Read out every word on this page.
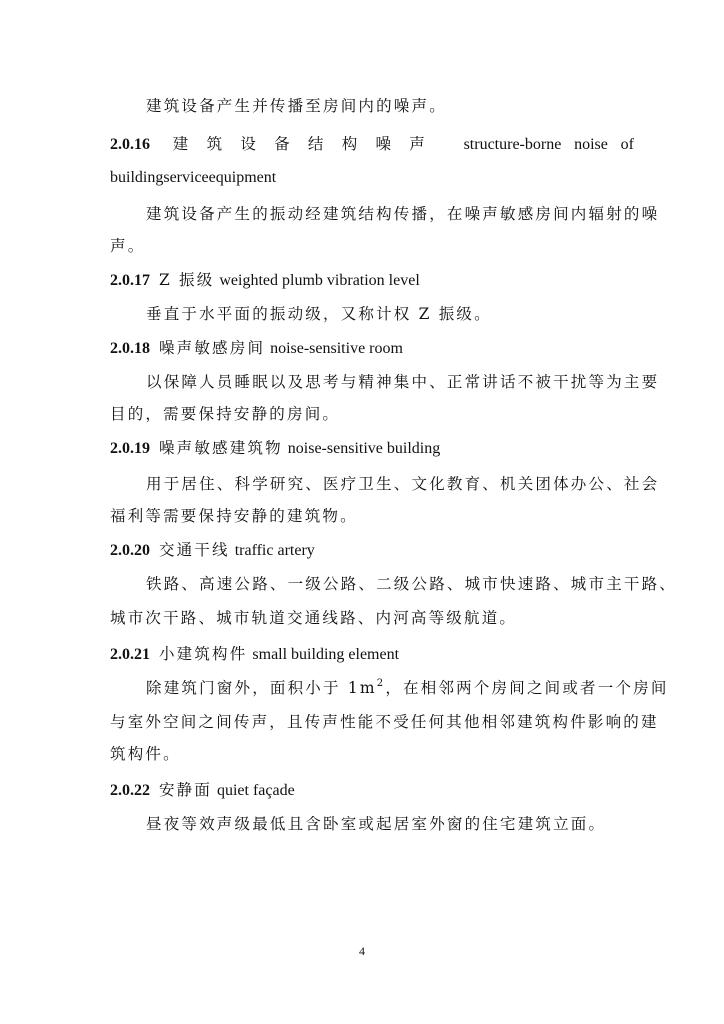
建筑设备产生并传播至房间内的噪声。
2.0.16 建 筑 设 备 结 构 噪 声 structure-borne noise of
buildingserviceequipment
建筑设备产生的振动经建筑结构传播，在噪声敏感房间内辐射的噪
声。
2.0.17 Z 振级 weighted plumb vibration level
垂直于水平面的振动级，又称计权 Z 振级。
2.0.18 噪声敏感房间 noise-sensitive room
以保障人员睡眠以及思考与精神集中、正常讲话不被干扰等为主要
目的，需要保持安静的房间。
2.0.19 噪声敏感建筑物 noise-sensitive building
用于居住、科学研究、医疗卫生、文化教育、机关团体办公、社会
福利等需要保持安静的建筑物。
2.0.20 交通干线 traffic artery
铁路、高速公路、一级公路、二级公路、城市快速路、城市主干路、
城市次干路、城市轨道交通线路、内河高等级航道。
2.0.21 小建筑构件 small building element
除建筑门窗外，面积小于 $1m^2$，在相邻两个房间之间或者一个房间
与室外空间之间传声，且传声性能不受任何其他相邻建筑构件影响的建
筑构件。
2.0.22 安静面 quiet façade
昼夜等效声级最低且含卧室或起居室外窗的住宅建筑立面。
4
